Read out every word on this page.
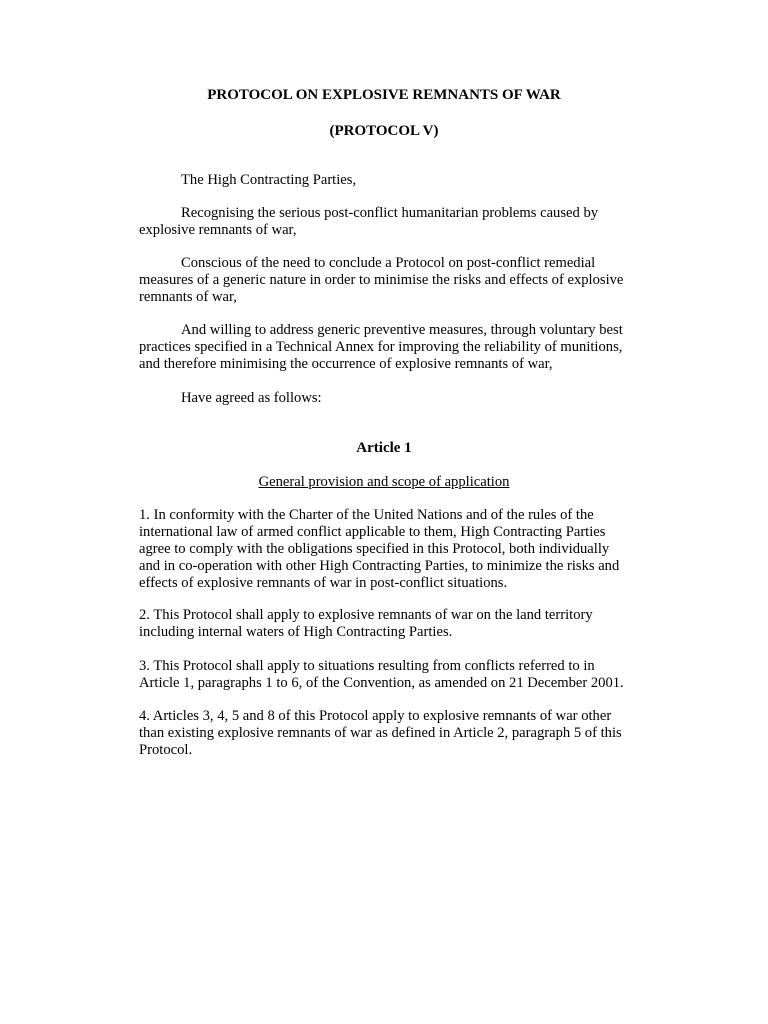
PROTOCOL ON EXPLOSIVE REMNANTS OF WAR

(PROTOCOL V)

The High Contracting Parties,

Recognising the serious post-conflict humanitarian problems caused by explosive remnants of war,

Conscious of the need to conclude a Protocol on post-conflict remedial measures of a generic nature in order to minimise the risks and effects of explosive remnants of war,

And willing to address generic preventive measures, through voluntary best practices specified in a Technical Annex for improving the reliability of munitions, and therefore minimising the occurrence of explosive remnants of war,

Have agreed as follows:

Article 1

General provision and scope of application

1. In conformity with the Charter of the United Nations and of the rules of the international law of armed conflict applicable to them, High Contracting Parties agree to comply with the obligations specified in this Protocol, both individually and in co-operation with other High Contracting Parties, to minimize the risks and effects of explosive remnants of war in post-conflict situations.

2. This Protocol shall apply to explosive remnants of war on the land territory including internal waters of High Contracting Parties.

3. This Protocol shall apply to situations resulting from conflicts referred to in Article 1, paragraphs 1 to 6, of the Convention, as amended on 21 December 2001.

4. Articles 3, 4, 5 and 8 of this Protocol apply to explosive remnants of war other than existing explosive remnants of war as defined in Article 2, paragraph 5 of this Protocol.
